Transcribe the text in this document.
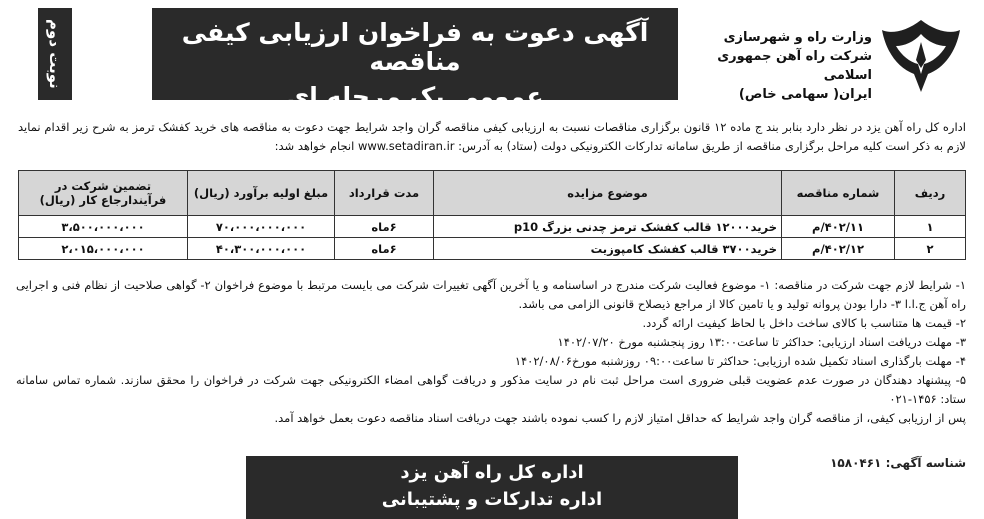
وزارت راه و شهرسازی
شرکت راه آهن جمهوری اسلامی
ایران( سهامی خاص)
آگهی دعوت به فراخوان ارزیابی کیفی مناقصه
عمومی یک مرحله ای
نوبت دوم
اداره کل راه آهن یزد در نظر دارد بنابر بند ج ماده ۱۲ قانون برگزاری مناقصات نسبت به ارزیابی کیفی مناقصه گران واجد شرایط جهت دعوت به مناقصه های خرید کفشک ترمز به شرح زیر اقدام نماید لازم به ذکر است کلیه مراحل برگزاری مناقصه از طریق سامانه تدارکات الکترونیکی دولت (ستاد) به آدرس: www.setadiran.ir انجام خواهد شد:
ردیف	شماره مناقصه	موضوع مزایده	مدت قرارداد	مبلغ اولیه برآورد (ریال)	تضمین شرکت در فرآیندارجاع کار (ریال)
۱	۴۰۲/۱۱/م	خرید۱۲۰۰۰ قالب کفشک ترمز چدنی بزرگ p10	۶ماه	۷۰،۰۰۰،۰۰۰،۰۰۰	۳،۵۰۰،۰۰۰،۰۰۰
۲	۴۰۲/۱۲/م	خرید۳۷۰۰ قالب کفشک کامپوزیت	۶ماه	۴۰،۳۰۰،۰۰۰،۰۰۰	۲،۰۱۵،۰۰۰،۰۰۰

۱- شرایط لازم جهت شرکت در مناقصه: ۱- موضوع فعالیت شرکت مندرج در اساسنامه و یا آخرین آگهی تغییرات شرکت می بایست مرتبط با موضوع فراخوان ۲- گواهی صلاحیت از نظام فنی و اجرایی راه آهن ج.ا.ا ۳- دارا بودن پروانه تولید و یا تامین کالا از مراجع ذیصلاح قانونی الزامی می باشد.

۲- قیمت ها متناسب با کالای ساخت داخل با لحاظ کیفیت ارائه گردد.

۳- مهلت دریافت اسناد ارزیابی: حداکثر تا ساعت۱۳:۰۰ روز پنجشنبه مورخ ۱۴۰۲/۰۷/۲۰

۴- مهلت بارگذاری اسناد تکمیل شده ارزیابی: حداکثر تا ساعت۰۹:۰۰ روزشنبه مورخ۱۴۰۲/۰۸/۰۶

۵- پیشنهاد دهندگان در صورت عدم عضویت قبلی ضروری است مراحل ثبت نام در سایت مذکور و دریافت گواهی امضاء الکترونیکی جهت شرکت در فراخوان را محقق سازند. شماره تماس سامانه ستاد: ۱۴۵۶-۰۲۱

پس از ارزیابی کیفی، از مناقصه گران واجد شرایط که حداقل امتیاز لازم را کسب نموده باشند جهت دریافت اسناد مناقصه دعوت بعمل خواهد آمد.

شناسه آگهی: ۱۵۸۰۴۶۱
اداره کل راه آهن یزد
اداره تدارکات و پشتیبانی
